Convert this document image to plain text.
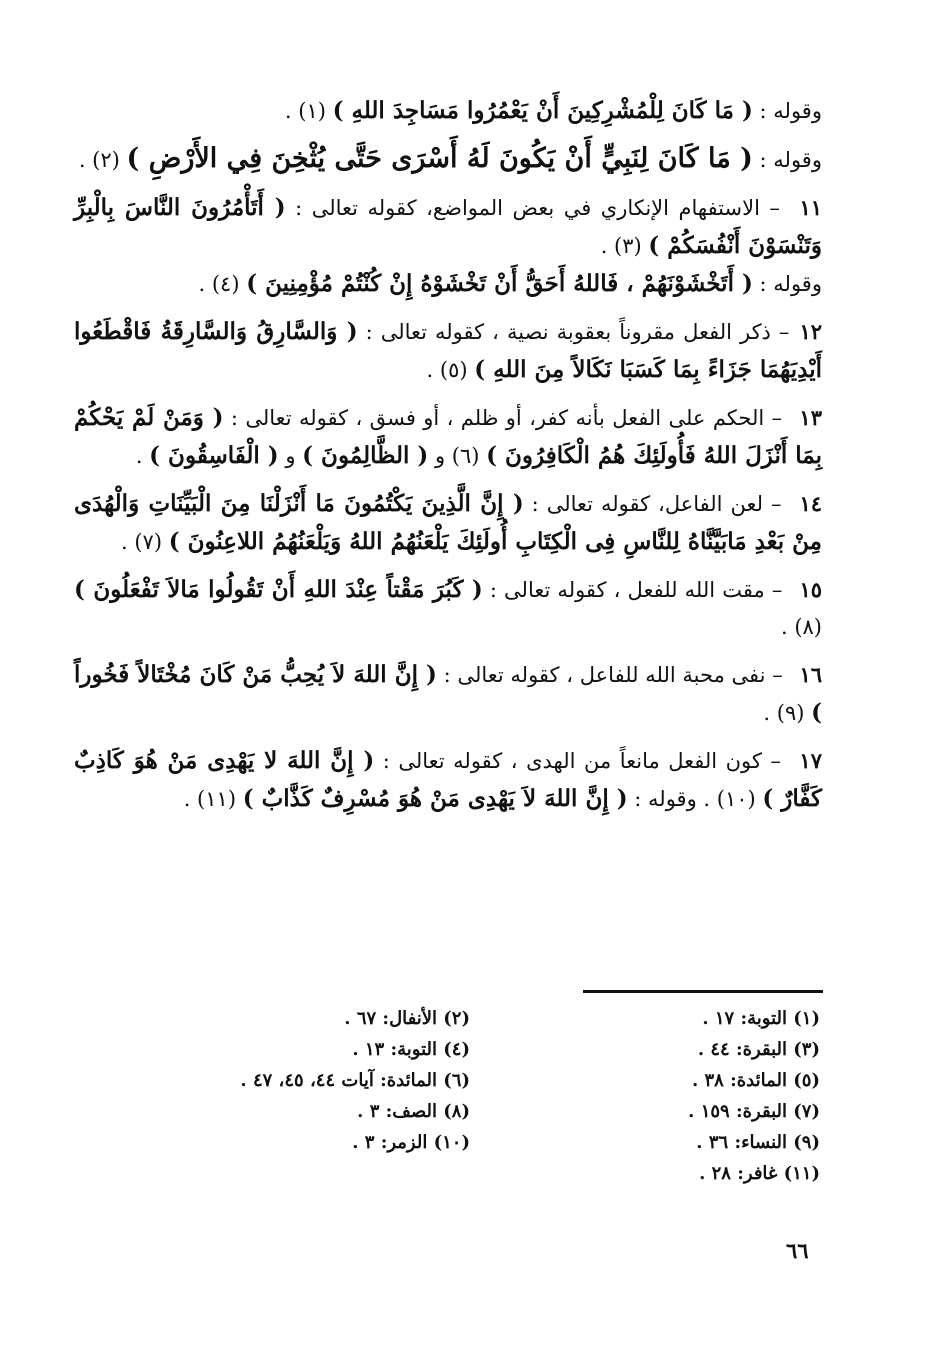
وقوله : ( مَا كَانَ لِلْمُشْرِكِينَ أَنْ يَعْمُرُوا مَسَاجِدَ اللهِ ) (١) .

وقوله : ( مَا كَانَ لِنَبِيٍّ أَنْ يَكُونَ لَهُ أَسْرَى حَتَّى يُثْخِنَ فِي الأَرْضِ ) (٢) .

١١ – الاستفهام الإنكاري في بعض المواضع، كقوله تعالى : ( أَتَأْمُرُونَ النَّاسَ بِالْبِرِّ وَتَنْسَوْنَ أَنْفُسَكُمْ ) (٣) .
وقوله : ( أَتَخْشَوْنَهُمْ ، فَاللهُ أَحَقُّ أَنْ تَخْشَوْهُ إِنْ كُنْتُمْ مُؤْمِنِينَ ) (٤) .

١٢– ذكر الفعل مقروناً بعقوبة نصية ، كقوله تعالى : ( وَالسَّارِقُ وَالسَّارِقَةُ فَاقْطَعُوا أَيْدِيَهُمَا جَزَاءً بِمَا كَسَبَا نَكَالاً مِنَ اللهِ ) (٥) .

١٣ – الحكم على الفعل بأنه كفر، أو ظلم ، أو فسق ، كقوله تعالى : ( وَمَنْ لَمْ يَحْكُمْ بِمَا أَنْزَلَ اللهُ فَأُولَئِكَ هُمُ الْكَافِرُونَ ) (٦) و ( الظَّالِمُونَ ) و ( الْفَاسِقُونَ ) .

١٤ – لعن الفاعل، كقوله تعالى : ( إِنَّ الَّذِينَ يَكْتُمُونَ مَا أَنْزَلْنَا مِنَ الْبَيِّنَاتِ وَالْهُدَى مِنْ بَعْدِ مَابَيَّنَّاهُ لِلنَّاسِ فِى الْكِتَابِ أُولَئِكَ يَلْعَنُهُمُ اللهُ وَيَلْعَنُهُمُ اللاعِنُونَ ) (٧) .

١٥ – مقت الله للفعل ، كقوله تعالى : ( كَبُرَ مَقْتاً عِنْدَ اللهِ أَنْ تَقُولُوا مَالاَ تَفْعَلُونَ ) (٨) .

١٦ – نفى محبة الله للفاعل ، كقوله تعالى : ( إِنَّ اللهَ لاَ يُحِبُّ مَنْ كَانَ مُخْتَالاً فَخُوراً ) (٩) .

١٧ – كون الفعل مانعاً من الهدى ، كقوله تعالى : ( إِنَّ اللهَ لا يَهْدِى مَنْ هُوَ كَاذِبٌ كَفَّارٌ ) (١٠) . وقوله : ( إِنَّ اللهَ لاَ يَهْدِى مَنْ هُوَ مُسْرِفٌ كَذَّابٌ ) (١١) .

(١) التوبة: ١٧ .
(٣) البقرة: ٤٤ .
(٥) المائدة: ٣٨ .
(٧) البقرة: ١٥٩ .
(٩) النساء: ٣٦ .
(١١) غافر: ٢٨ .
(٢) الأنفال: ٦٧ .
(٤) التوبة: ١٣ .
(٦) المائدة: آيات ٤٤، ٤٥، ٤٧ .
(٨) الصف: ٣ .
(١٠) الزمر: ٣ .
٦٦
